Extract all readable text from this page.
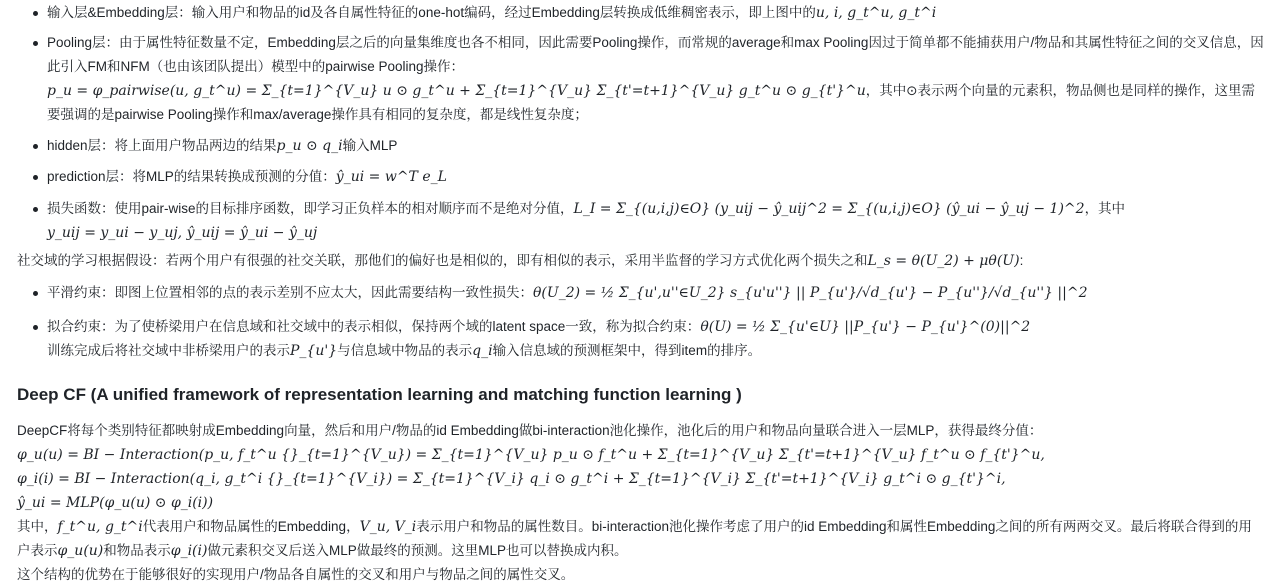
输入层&Embedding层：输入用户和物品的id及各自属性特征的one-hot编码，经过Embedding层转换成低维稠密表示，即上图中的u, i, g_t^u, g_t^i
Pooling层：由于属性特征数量不定，Embedding层之后的向量集维度也各不相同，因此需要Pooling操作，而常规的average和max Pooling因过于简单都不能捕获用户/物品和其属性特征之间的交叉信息，因此引入FM和NFM（也由该团队提出）模型中的pairwise Pooling操作：p_u = φ_pairwise(u, g_t^u) = Σ_{t=1}^{V_u} u ⊙ g_t^u + Σ_{t=1}^{V_u} Σ_{t'=t+1}^{V_u} g_t^u ⊙ g_{t'}^u，其中⊙表示两个向量的元素积，物品侧也是同样的操作，这里需要强调的是pairwise Pooling操作和max/average操作具有相同的复杂度，都是线性复杂度；
hidden层：将上面用户物品两边的结果p_u ⊙ q_i输入MLP
prediction层：将MLP的结果转换成预测的分值：ŷ_ui = w^T e_L
损失函数：使用pair-wise的目标排序函数，即学习正负样本的相对顺序而不是绝对分值，L_I = Σ_{(u,i,j)∈O} (y_uij − ŷ_uij^2 = Σ_{(u,i,j)∈O} (ŷ_ui − ŷ_uj − 1)^2，其中
y_uij = y_ui − y_uj, ŷ_uij = ŷ_ui − ŷ_uj
社交域的学习根据假设：若两个用户有很强的社交关联，那他们的偏好也是相似的，即有相似的表示，采用半监督的学习方式优化两个损失之和L_s = θ(U_2) + μθ(U):
平滑约束：即图上位置相邻的点的表示差别不应太大，因此需要结构一致性损失：θ(U_2) = ½ Σ_{u',u''∈U_2} s_{u'u''} || P_{u'}/√d_{u'} − P_{u''}/√d_{u''} ||^2
拟合约束：为了使桥梁用户在信息域和社交域中的表示相似，保持两个域的latent space一致，称为拟合约束：θ(U) = ½ Σ_{u'∈U} ||P_{u'} − P_{u'}^(0)||^2
训练完成后将社交域中非桥梁用户的表示P_{u'}与信息域中物品的表示q_i输入信息域的预测框架中，得到item的排序。
Deep CF (A unified framework of representation learning and matching function learning )
DeepCF将每个类别特征都映射成Embedding向量，然后和用户/物品的id Embedding做bi-interaction池化操作，池化后的用户和物品向量联合进入一层MLP，获得最终分值：
φ_u(u) = BI − Interaction(p_u, f_t^u {}_{t=1}^{V_u}) = Σ_{t=1}^{V_u} p_u ⊙ f_t^u + Σ_{t=1}^{V_u} Σ_{t'=t+1}^{V_u} f_t^u ⊙ f_{t'}^u,
φ_i(i) = BI − Interaction(q_i, g_t^i {}_{t=1}^{V_i}) = Σ_{t=1}^{V_i} q_i ⊙ g_t^i + Σ_{t=1}^{V_i} Σ_{t'=t+1}^{V_i} g_t^i ⊙ g_{t'}^i,
ŷ_ui = MLP(φ_u(u) ⊙ φ_i(i))
其中，f_t^u, g_t^i代表用户和物品属性的Embedding，V_u, V_i表示用户和物品的属性数目。bi-interaction池化操作考虑了用户的id Embedding和属性Embedding之间的所有两两交叉。最后将联合得到的用户表示φ_u(u)和物品表示φ_i(i)做元素积交叉后送入MLP做最终的预测。这里MLP也可以替换成内积。
这个结构的优势在于能够很好的实现用户/物品各自属性的交叉和用户与物品之间的属性交叉。
